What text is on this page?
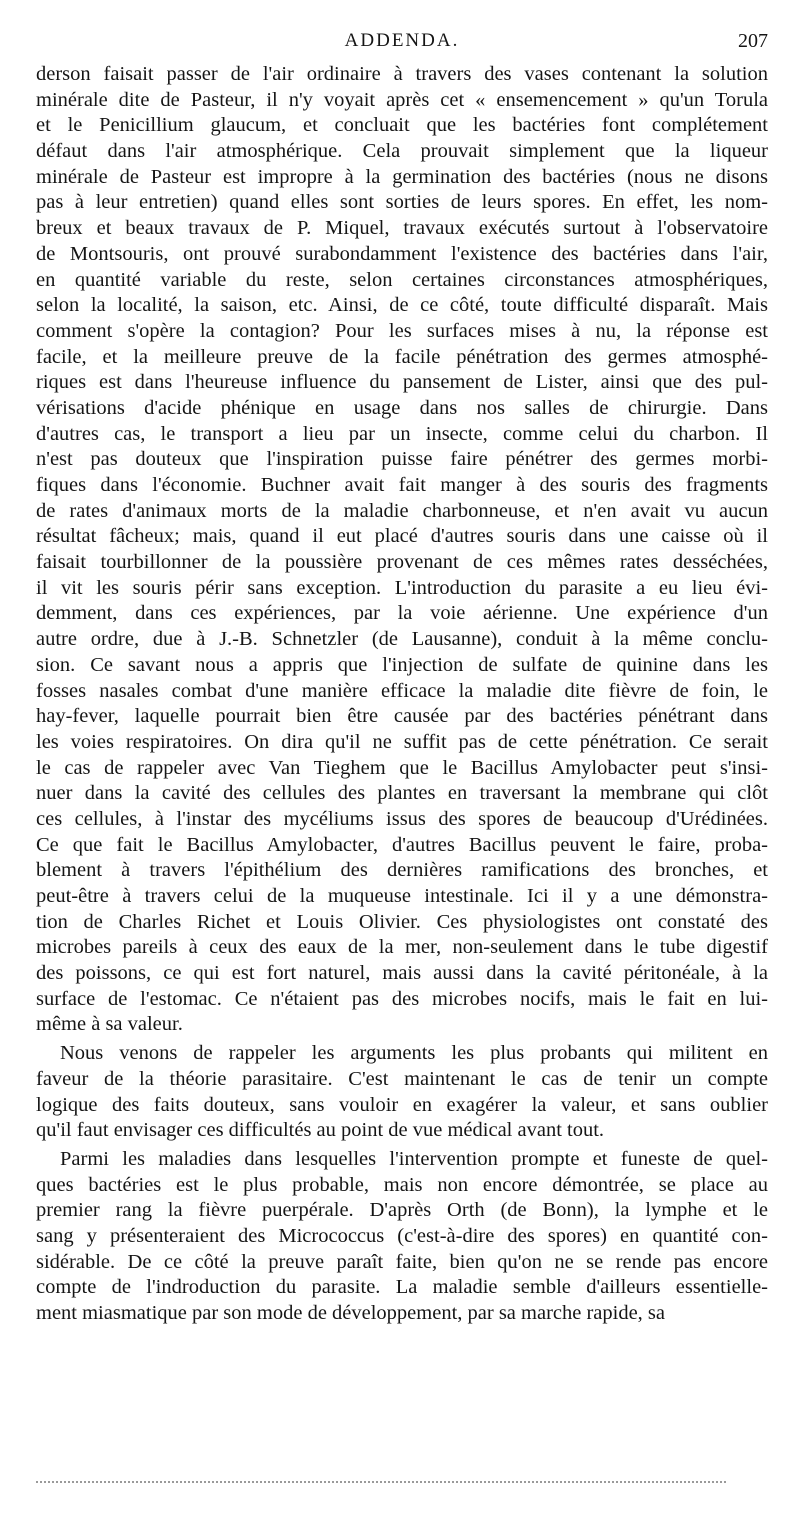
ADDENDA.	207
derson faisait passer de l'air ordinaire à travers des vases contenant la solution
minérale dite de Pasteur, il n'y voyait après cet « ensemencement » qu'un Torula
et le Penicillium glaucum, et concluait que les bactéries font complétement
défaut dans l'air atmosphérique. Cela prouvait simplement que la liqueur
minérale de Pasteur est impropre à la germination des bactéries (nous ne disons
pas à leur entretien) quand elles sont sorties de leurs spores. En effet, les nom-
breux et beaux travaux de P. Miquel, travaux exécutés surtout à l'observatoire
de Montsouris, ont prouvé surabondamment l'existence des bactéries dans l'air,
en quantité variable du reste, selon certaines circonstances atmosphériques,
selon la localité, la saison, etc. Ainsi, de ce côté, toute difficulté disparaît. Mais
comment s'opère la contagion? Pour les surfaces mises à nu, la réponse est
facile, et la meilleure preuve de la facile pénétration des germes atmosphé-
riques est dans l'heureuse influence du pansement de Lister, ainsi que des pul-
vérisations d'acide phénique en usage dans nos salles de chirurgie. Dans
d'autres cas, le transport a lieu par un insecte, comme celui du charbon. Il
n'est pas douteux que l'inspiration puisse faire pénétrer des germes morbi-
fiques dans l'économie. Buchner avait fait manger à des souris des fragments
de rates d'animaux morts de la maladie charbonneuse, et n'en avait vu aucun
résultat fâcheux; mais, quand il eut placé d'autres souris dans une caisse où il
faisait tourbillonner de la poussière provenant de ces mêmes rates desséchées,
il vit les souris périr sans exception. L'introduction du parasite a eu lieu évi-
demment, dans ces expériences, par la voie aérienne. Une expérience d'un
autre ordre, due à J.-B. Schnetzler (de Lausanne), conduit à la même conclu-
sion. Ce savant nous a appris que l'injection de sulfate de quinine dans les
fosses nasales combat d'une manière efficace la maladie dite fièvre de foin, le
hay-fever, laquelle pourrait bien être causée par des bactéries pénétrant dans
les voies respiratoires. On dira qu'il ne suffit pas de cette pénétration. Ce serait
le cas de rappeler avec Van Tieghem que le Bacillus Amylobacter peut s'insi-
nuer dans la cavité des cellules des plantes en traversant la membrane qui clôt
ces cellules, à l'instar des mycéliums issus des spores de beaucoup d'Urédinées.
Ce que fait le Bacillus Amylobacter, d'autres Bacillus peuvent le faire, proba-
blement à travers l'épithélium des dernières ramifications des bronches, et
peut-être à travers celui de la muqueuse intestinale. Ici il y a une démonstra-
tion de Charles Richet et Louis Olivier. Ces physiologistes ont constaté des
microbes pareils à ceux des eaux de la mer, non-seulement dans le tube digestif
des poissons, ce qui est fort naturel, mais aussi dans la cavité péritonéale, à la
surface de l'estomac. Ce n'étaient pas des microbes nocifs, mais le fait en lui-
même à sa valeur.
Nous venons de rappeler les arguments les plus probants qui militent en
faveur de la théorie parasitaire. C'est maintenant le cas de tenir un compte
logique des faits douteux, sans vouloir en exagérer la valeur, et sans oublier
qu'il faut envisager ces difficultés au point de vue médical avant tout.
Parmi les maladies dans lesquelles l'intervention prompte et funeste de quel-
ques bactéries est le plus probable, mais non encore démontrée, se place au
premier rang la fièvre puerpérale. D'après Orth (de Bonn), la lymphe et le
sang y présenteraient des Micrococcus (c'est-à-dire des spores) en quantité con-
sidérable. De ce côté la preuve paraît faite, bien qu'on ne se rende pas encore
compte de l'indroduction du parasite. La maladie semble d'ailleurs essentielle-
ment miasmatique par son mode de développement, par sa marche rapide, sa
